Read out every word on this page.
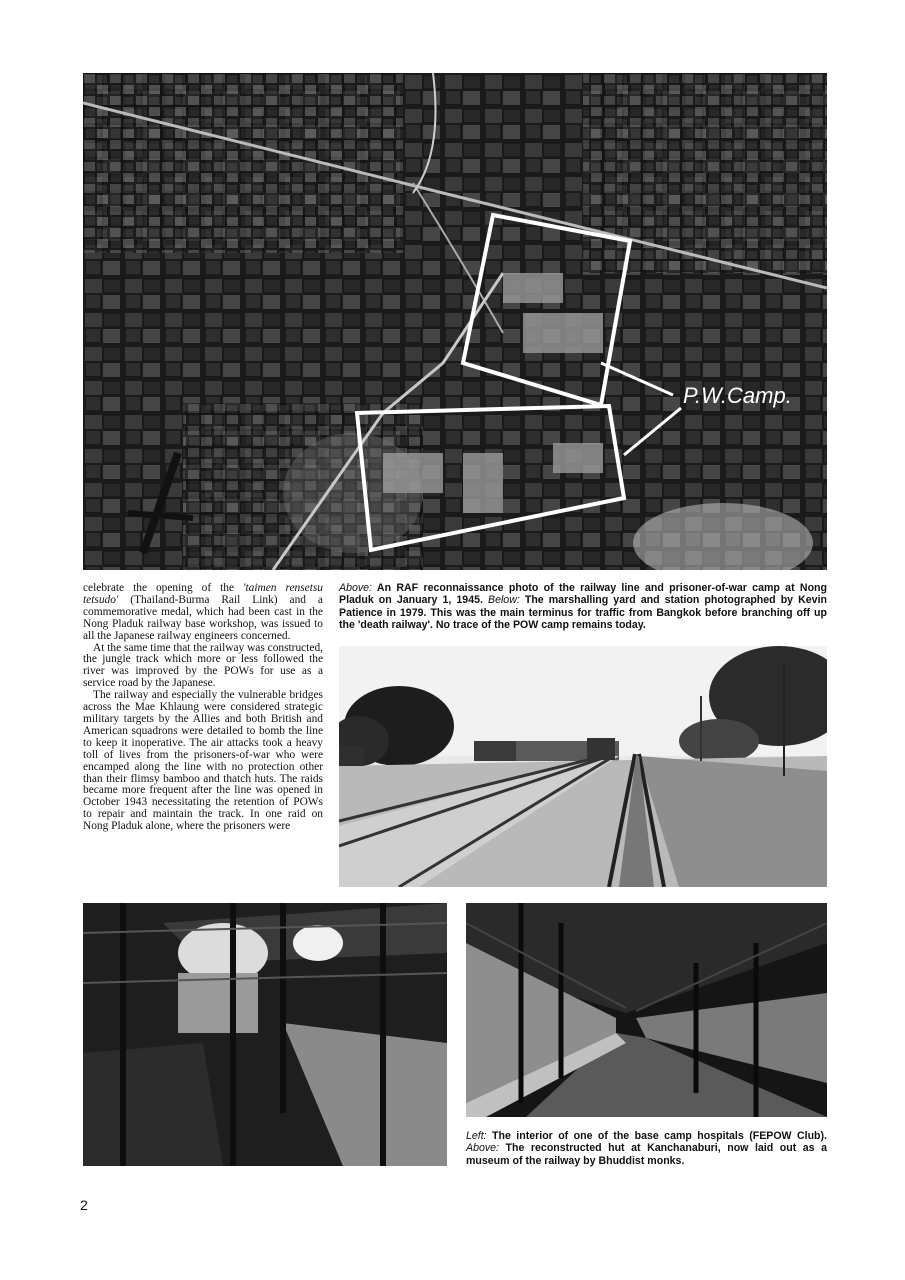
P.W.Camp.

celebrate the opening of the 'taimen rensetsu tetsudo' (Thailand-Burma Rail Link) and a commemorative medal, which had been cast in the Nong Pladuk railway base workshop, was issued to all the Japanese railway engineers concerned.

At the same time that the railway was constructed, the jungle track which more or less followed the river was improved by the POWs for use as a service road by the Japanese.

The railway and especially the vulnerable bridges across the Mae Khlaung were considered strategic military targets by the Allies and both British and American squadrons were detailed to bomb the line to keep it inoperative. The air attacks took a heavy toll of lives from the prisoners-of-war who were encamped along the line with no protection other than their flimsy bamboo and thatch huts. The raids became more frequent after the line was opened in October 1943 necessitating the retention of POWs to repair and maintain the track. In one raid on Nong Pladuk alone, where the prisoners were

Above: An RAF reconnaissance photo of the railway line and prisoner-of-war camp at Nong Pladuk on January 1, 1945. Below: The marshalling yard and station photographed by Kevin Patience in 1979. This was the main terminus for traffic from Bangkok before branching off up the 'death railway'. No trace of the POW camp remains today.

Left: The interior of one of the base camp hospitals (FEPOW Club). Above: The reconstructed hut at Kanchanaburi, now laid out as a museum of the railway by Bhuddist monks.

2
